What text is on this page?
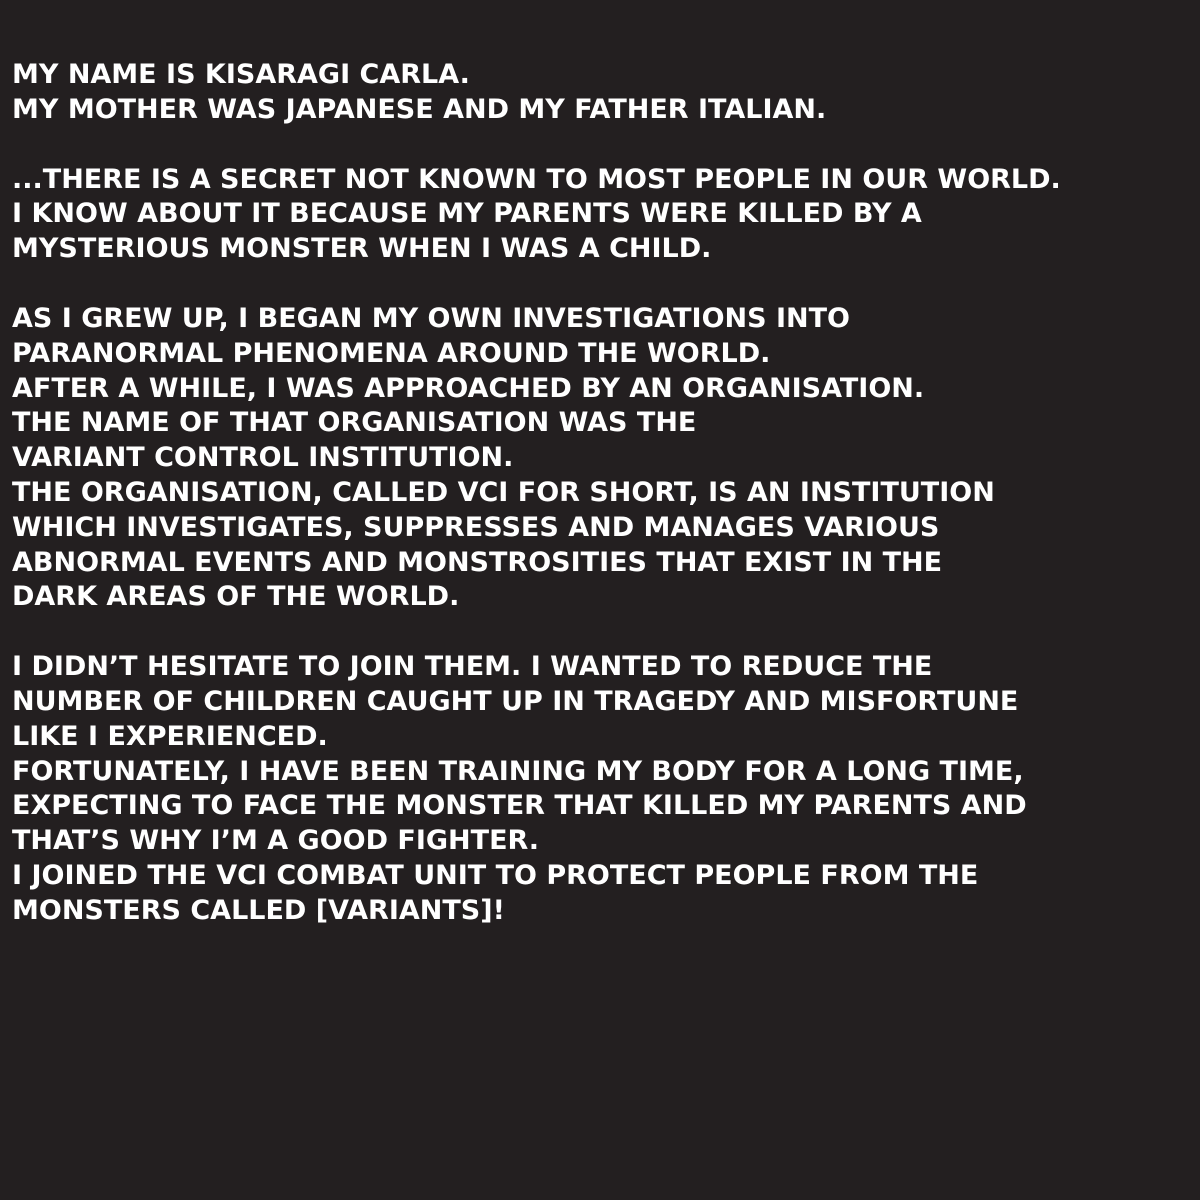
MY NAME IS KISARAGI CARLA.
MY MOTHER WAS JAPANESE AND MY FATHER ITALIAN.
...THERE IS A SECRET NOT KNOWN TO MOST PEOPLE IN OUR WORLD.
I KNOW ABOUT IT BECAUSE MY PARENTS WERE KILLED BY A
MYSTERIOUS MONSTER WHEN I WAS A CHILD.
AS I GREW UP, I BEGAN MY OWN INVESTIGATIONS INTO
PARANORMAL PHENOMENA AROUND THE WORLD.
AFTER A WHILE, I WAS APPROACHED BY AN ORGANISATION.
THE NAME OF THAT ORGANISATION WAS THE
VARIANT CONTROL INSTITUTION.
THE ORGANISATION, CALLED VCI FOR SHORT, IS AN INSTITUTION
WHICH INVESTIGATES, SUPPRESSES AND MANAGES VARIOUS
ABNORMAL EVENTS AND MONSTROSITIES THAT EXIST IN THE
DARK AREAS OF THE WORLD.
I DIDN’T HESITATE TO JOIN THEM. I WANTED TO REDUCE THE
NUMBER OF CHILDREN CAUGHT UP IN TRAGEDY AND MISFORTUNE
LIKE I EXPERIENCED.
FORTUNATELY, I HAVE BEEN TRAINING MY BODY FOR A LONG TIME,
EXPECTING TO FACE THE MONSTER THAT KILLED MY PARENTS AND
THAT’S WHY I’M A GOOD FIGHTER.
I JOINED THE VCI COMBAT UNIT TO PROTECT PEOPLE FROM THE
MONSTERS CALLED [VARIANTS]!
